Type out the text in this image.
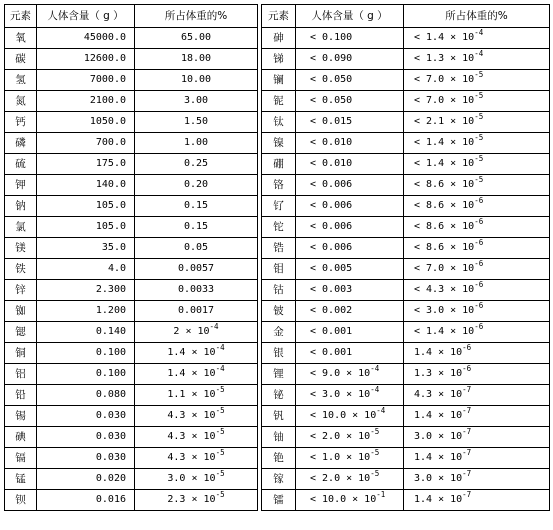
元素	人体含量（ g ）	所占体重的%		元素	人体含量（ g ）	所占体重的%
氧	45000.0	65.00		砷	< 0.100	< $1.4 \times 10^{-4}$
碳	12600.0	18.00		锑	< 0.090	< $1.3 \times 10^{-4}$
氢	7000.0	10.00		镧	< 0.050	< $7.0 \times 10^{-5}$
氮	2100.0	3.00		铌	< 0.050	< $7.0 \times 10^{-5}$
钙	1050.0	1.50		钛	< 0.015	< $2.1 \times 10^{-5}$
磷	700.0	1.00		镍	< 0.010	< $1.4 \times 10^{-5}$
硫	175.0	0.25		硼	< 0.010	< $1.4 \times 10^{-5}$
钾	140.0	0.20		铬	< 0.006	< $8.6 \times 10^{-5}$
钠	105.0	0.15		钌	< 0.006	< $8.6 \times 10^{-6}$
氯	105.0	0.15		铊	< 0.006	< $8.6 \times 10^{-6}$
镁	35.0	0.05		锆	< 0.006	< $8.6 \times 10^{-6}$
铁	4.0	0.0057		钼	< 0.005	< $7.0 \times 10^{-6}$
锌	2.300	0.0033		钴	< 0.003	< $4.3 \times 10^{-6}$
铷	1.200	0.0017		铍	< 0.002	< $3.0 \times 10^{-6}$
锶	0.140	$2 \times 10^{-4}$		金	< 0.001	< $1.4 \times 10^{-6}$
铜	0.100	$1.4 \times 10^{-4}$		银	< 0.001	$1.4 \times 10^{-6}$
铝	0.100	$1.4 \times 10^{-4}$		锂	< $9.0 \times 10^{-4}$	$1.3 \times 10^{-6}$
铅	0.080	$1.1 \times 10^{-5}$		铋	< $3.0 \times 10^{-4}$	$4.3 \times 10^{-7}$
锡	0.030	$4.3 \times 10^{-5}$		钒	< $10.0 \times 10^{-4}$	$1.4 \times 10^{-7}$
碘	0.030	$4.3 \times 10^{-5}$		铀	< $2.0 \times 10^{-5}$	$3.0 \times 10^{-7}$
镉	0.030	$4.3 \times 10^{-5}$		铯	< $1.0 \times 10^{-5}$	$1.4 \times 10^{-7}$
锰	0.020	$3.0 \times 10^{-5}$		镓	< $2.0 \times 10^{-5}$	$3.0 \times 10^{-7}$
钡	0.016	$2.3 \times 10^{-5}$		镭	< $10.0 \times 10^{-1}$	$1.4 \times 10^{-7}$
